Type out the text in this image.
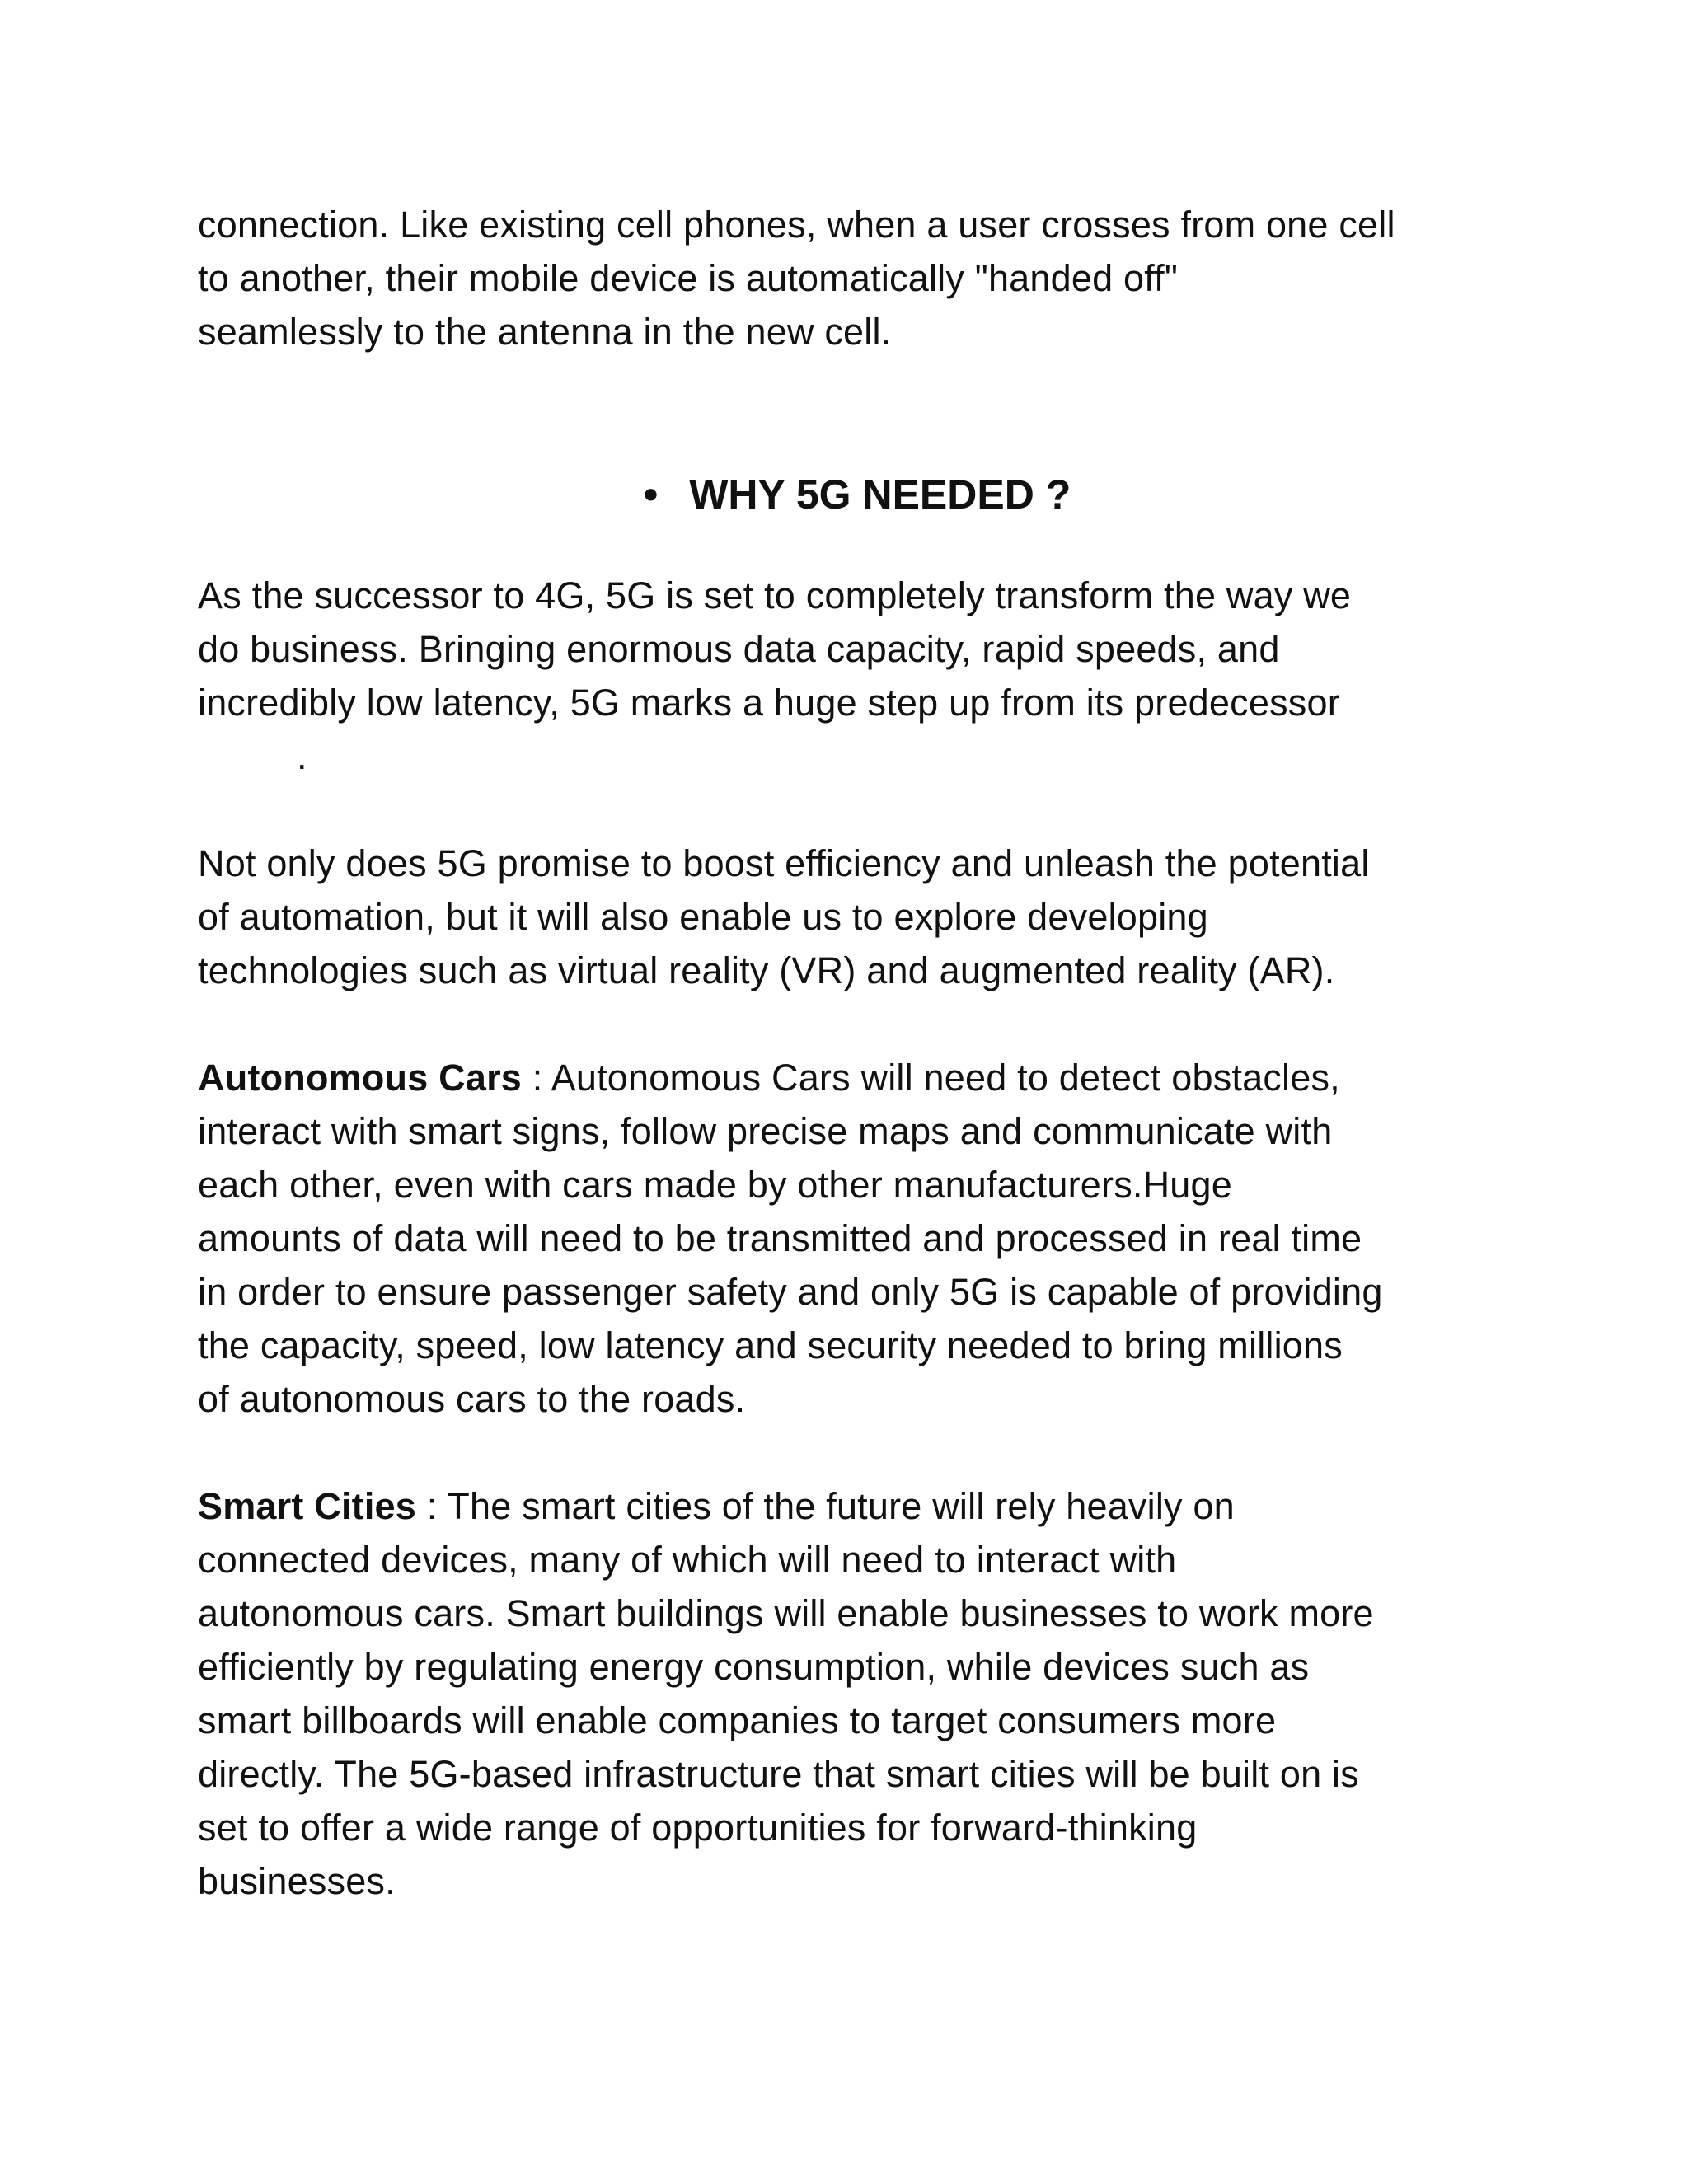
connection. Like existing cell phones, when a user crosses from one cell
to another, their mobile device is automatically "handed off"
seamlessly to the antenna in the new cell.

• WHY 5G NEEDED ?

As the successor to 4G, 5G is set to completely transform the way we
do business. Bringing enormous data capacity, rapid speeds, and
incredibly low latency, 5G marks a huge step up from its predecessor
.

Not only does 5G promise to boost efficiency and unleash the potential
of automation, but it will also enable us to explore developing
technologies such as virtual reality (VR) and augmented reality (AR).

Autonomous Cars : Autonomous Cars will need to detect obstacles,
interact with smart signs, follow precise maps and communicate with
each other, even with cars made by other manufacturers.Huge
amounts of data will need to be transmitted and processed in real time
in order to ensure passenger safety and only 5G is capable of providing
the capacity, speed, low latency and security needed to bring millions
of autonomous cars to the roads.

Smart Cities : The smart cities of the future will rely heavily on
connected devices, many of which will need to interact with
autonomous cars. Smart buildings will enable businesses to work more
efficiently by regulating energy consumption, while devices such as
smart billboards will enable companies to target consumers more
directly. The 5G-based infrastructure that smart cities will be built on is
set to offer a wide range of opportunities for forward-thinking
businesses.
